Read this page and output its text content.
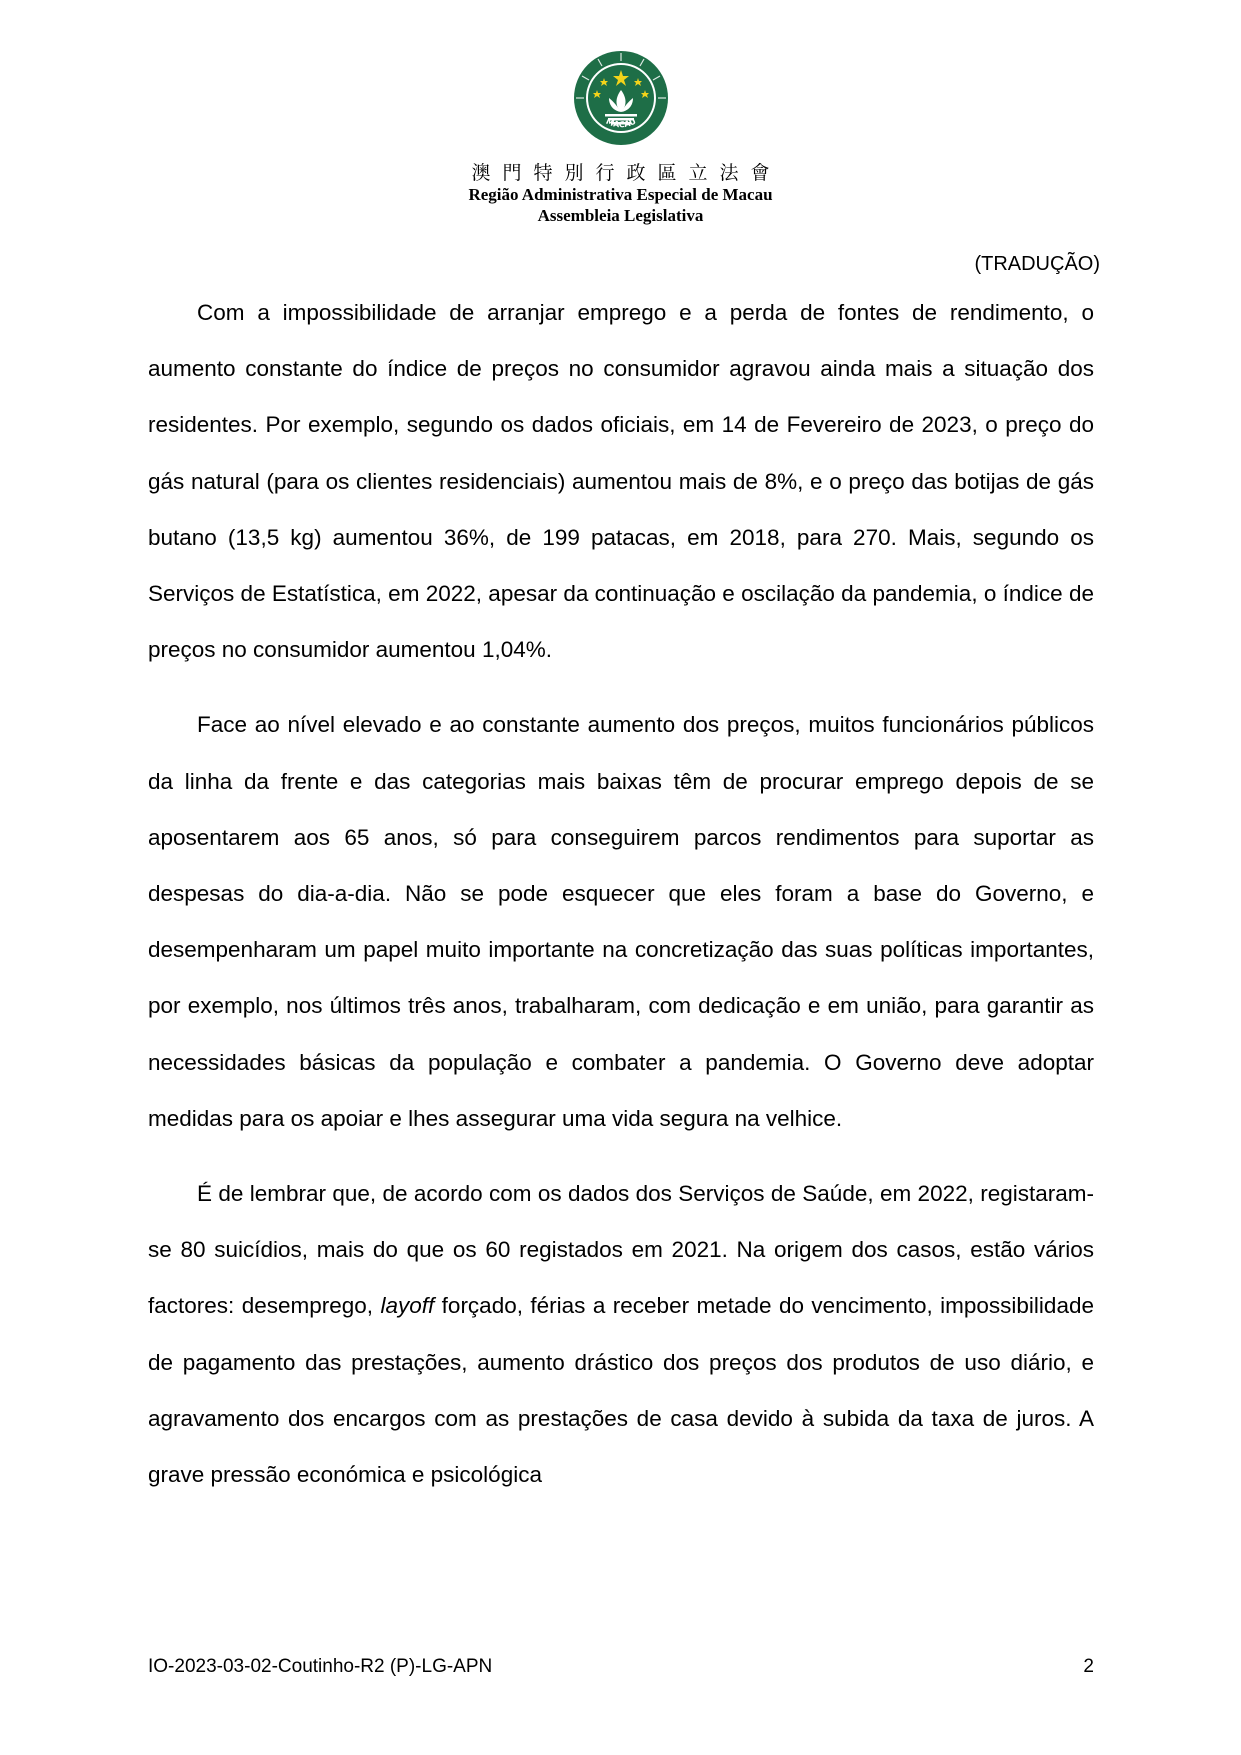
MACAU
澳門特別行政區立法會
Região Administrativa Especial de Macau
Assembleia Legislativa
(TRADUÇÃO)

Com a impossibilidade de arranjar emprego e a perda de fontes de rendimento, o aumento constante do índice de preços no consumidor agravou ainda mais a situação dos residentes. Por exemplo, segundo os dados oficiais, em 14 de Fevereiro de 2023, o preço do gás natural (para os clientes residenciais) aumentou mais de 8%, e o preço das botijas de gás butano (13,5 kg) aumentou 36%, de 199 patacas, em 2018, para 270. Mais, segundo os Serviços de Estatística, em 2022, apesar da continuação e oscilação da pandemia, o índice de preços no consumidor aumentou 1,04%.

Face ao nível elevado e ao constante aumento dos preços, muitos funcionários públicos da linha da frente e das categorias mais baixas têm de procurar emprego depois de se aposentarem aos 65 anos, só para conseguirem parcos rendimentos para suportar as despesas do dia-a-dia. Não se pode esquecer que eles foram a base do Governo, e desempenharam um papel muito importante na concretização das suas políticas importantes, por exemplo, nos últimos três anos, trabalharam, com dedicação e em união, para garantir as necessidades básicas da população e combater a pandemia. O Governo deve adoptar medidas para os apoiar e lhes assegurar uma vida segura na velhice.

É de lembrar que, de acordo com os dados dos Serviços de Saúde, em 2022, registaram-se 80 suicídios, mais do que os 60 registados em 2021. Na origem dos casos, estão vários factores: desemprego, layoff forçado, férias a receber metade do vencimento, impossibilidade de pagamento das prestações, aumento drástico dos preços dos produtos de uso diário, e agravamento dos encargos com as prestações de casa devido à subida da taxa de juros. A grave pressão económica e psicológica

IO-2023-03-02-Coutinho-R2 (P)-LG-APN	2
